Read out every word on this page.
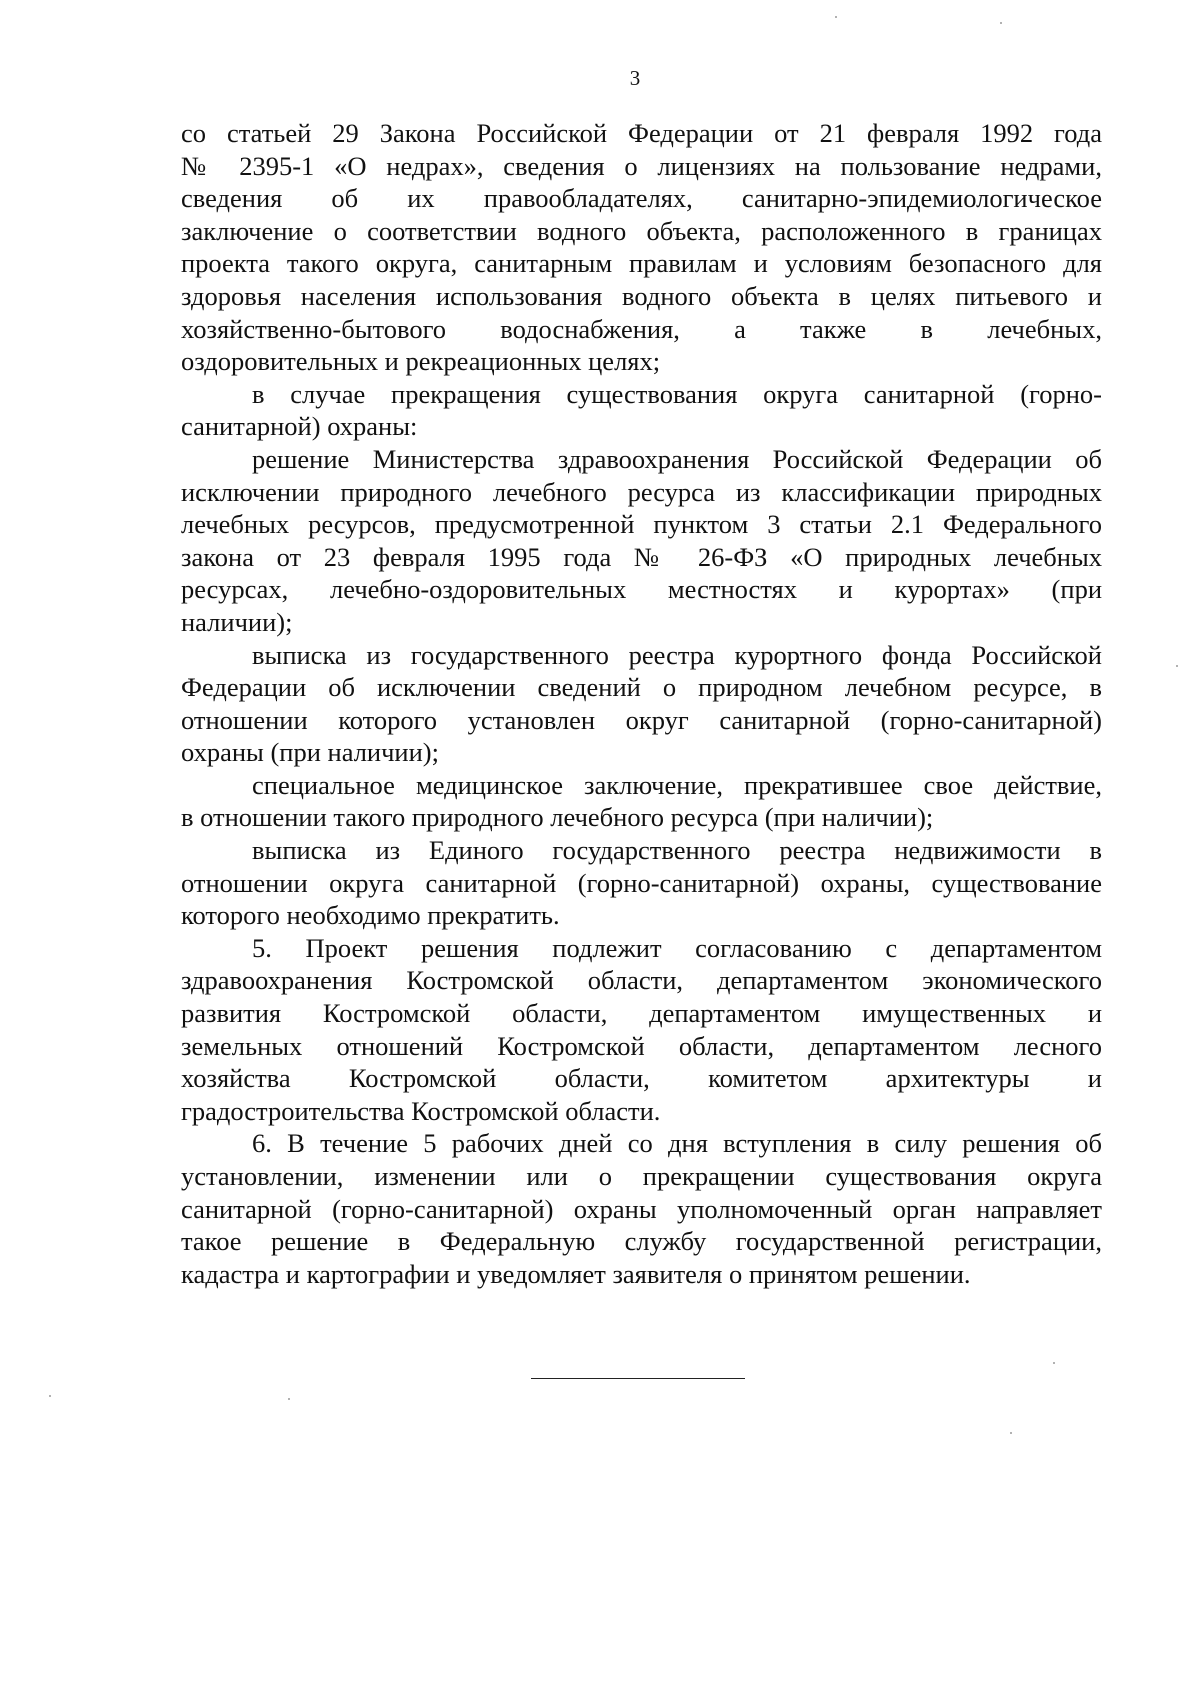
3
со статьей 29 Закона Российской Федерации от 21 февраля 1992 года
№ 2395-1 «О недрах», сведения о лицензиях на пользование недрами,
сведения об их правообладателях, санитарно-эпидемиологическое
заключение о соответствии водного объекта, расположенного в границах
проекта такого округа, санитарным правилам и условиям безопасного для
здоровья населения использования водного объекта в целях питьевого и
хозяйственно-бытового водоснабжения, а также в лечебных,
оздоровительных и рекреационных целях;
в случае прекращения существования округа санитарной (горно-
санитарной) охраны:
решение Министерства здравоохранения Российской Федерации об
исключении природного лечебного ресурса из классификации природных
лечебных ресурсов, предусмотренной пунктом 3 статьи 2.1 Федерального
закона от 23 февраля 1995 года № 26-ФЗ «О природных лечебных
ресурсах, лечебно-оздоровительных местностях и курортах» (при
наличии);
выписка из государственного реестра курортного фонда Российской
Федерации об исключении сведений о природном лечебном ресурсе, в
отношении которого установлен округ санитарной (горно-санитарной)
охраны (при наличии);
специальное медицинское заключение, прекратившее свое действие,
в отношении такого природного лечебного ресурса (при наличии);
выписка из Единого государственного реестра недвижимости в
отношении округа санитарной (горно-санитарной) охраны, существование
которого необходимо прекратить.
5. Проект решения подлежит согласованию с департаментом
здравоохранения Костромской области, департаментом экономического
развития Костромской области, департаментом имущественных и
земельных отношений Костромской области, департаментом лесного
хозяйства Костромской области, комитетом архитектуры и
градостроительства Костромской области.
6. В течение 5 рабочих дней со дня вступления в силу решения об
установлении, изменении или о прекращении существования округа
санитарной (горно-санитарной) охраны уполномоченный орган направляет
такое решение в Федеральную службу государственной регистрации,
кадастра и картографии и уведомляет заявителя о принятом решении.
